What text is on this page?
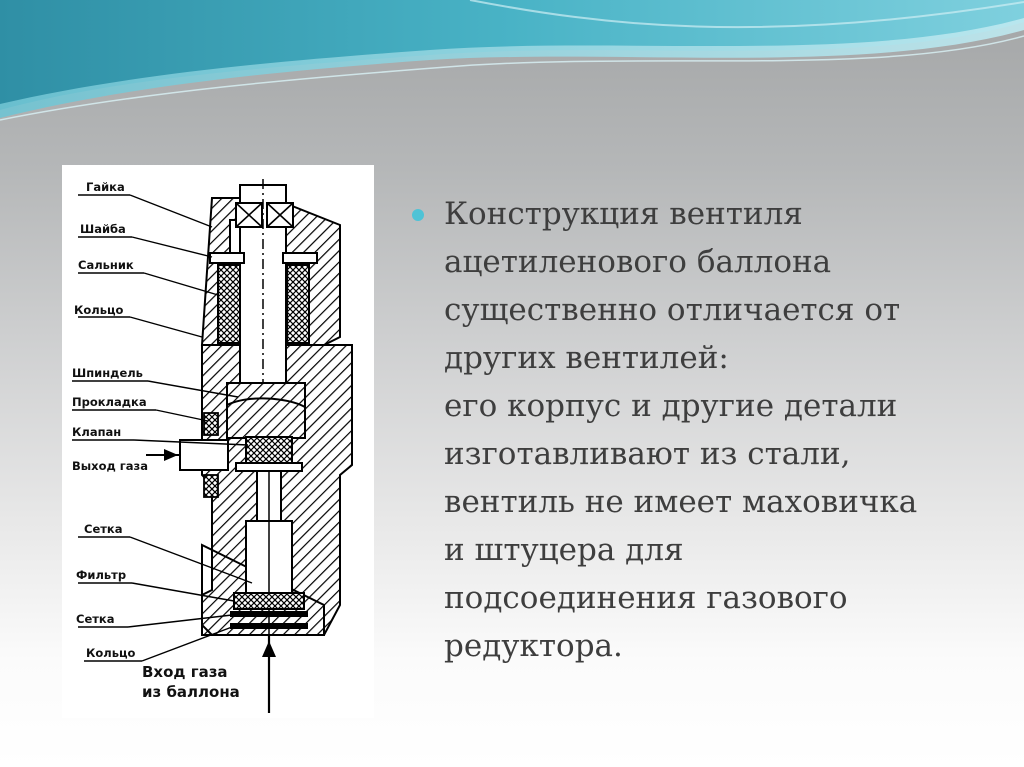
Гайка
Шайба
Сальник
Кольцо
Шпиндель
Прокладка
Клапан
Выход газа
Сетка
Фильтр
Сетка
Кольцо
Вход газа
из баллона
Конструкция вентиля
ацетиленового баллона
существенно отличается от
других вентилей:
его корпус и другие детали
изготавливают из стали,
вентиль не имеет маховичка
и штуцера для
подсоединения газового
редуктора.
